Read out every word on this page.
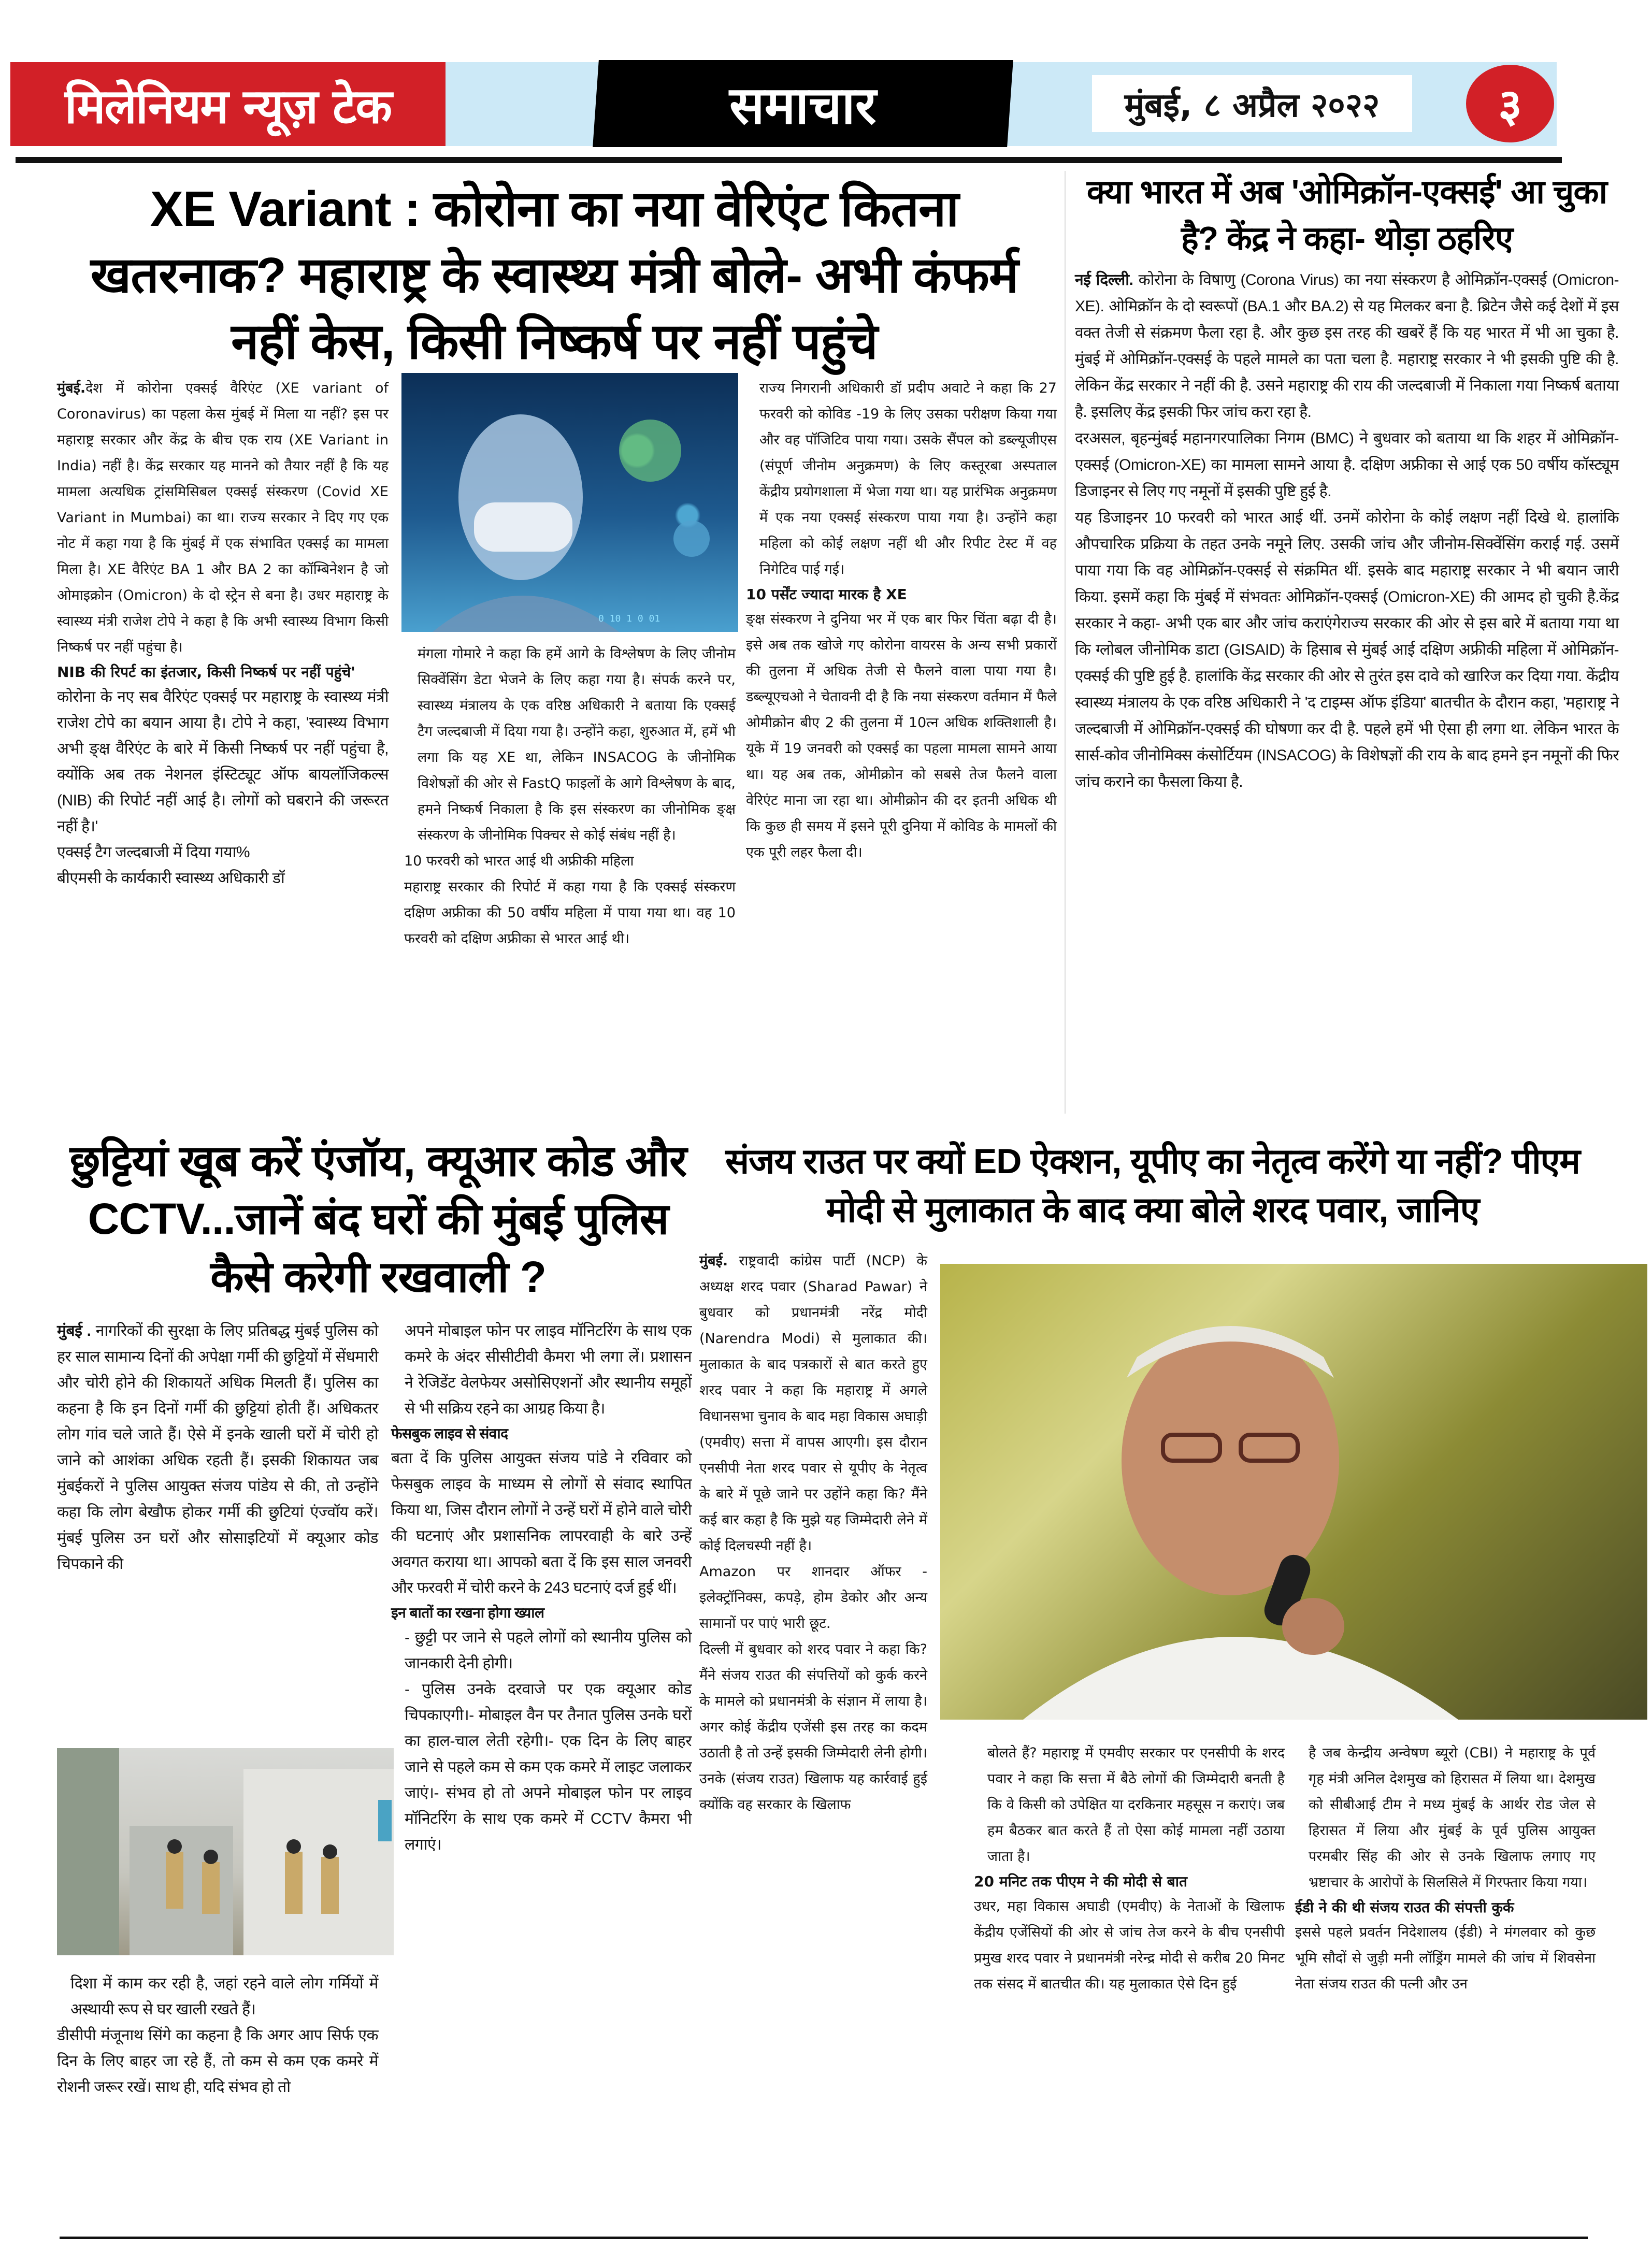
मिलेनियम न्यूज़ टेक	समाचार	मुंबई, ८ अप्रैल २०२२	३
XE Variant : कोरोना का नया वेरिएंट कितना खतरनाक? महाराष्ट्र के स्वास्थ्य मंत्री बोले- अभी कंफर्म नहीं केस, किसी निष्कर्ष पर नहीं पहुंचे
0 10 1 0 01

मुंबई.देश में कोरोना एक्सई वैरिएंट (XE variant of Coronavirus) का पहला केस मुंबई में मिला या नहीं? इस पर महाराष्ट्र सरकार और केंद्र के बीच एक राय (XE Variant in India) नहीं है। केंद्र सरकार यह मानने को तैयार नहीं है कि यह मामला अत्यधिक ट्रांसमिसिबल एक्सई संस्करण (Covid XE Variant in Mumbai) का था। राज्य सरकार ने दिए गए एक नोट में कहा गया है कि मुंबई में एक संभावित एक्सई का मामला मिला है। XE वैरिएंट BA 1 और BA 2 का कॉम्बिनेशन है जो ओमाइक्रोन (Omicron) के दो स्ट्रेन से बना है। उधर महाराष्ट्र के स्वास्थ्य मंत्री राजेश टोपे ने कहा है कि अभी स्वास्थ्य विभाग किसी निष्कर्ष पर नहीं पहुंचा है।

NIB की रिपर्ट का इंतजार, किसी निष्कर्ष पर नहीं पहुंचे'

कोरोना के नए सब वैरिएंट एक्सई पर महाराष्ट्र के स्वास्थ्य मंत्री राजेश टोपे का बयान आया है। टोपे ने कहा, 'स्वास्थ्य विभाग अभी ङ्क्ष वैरिएंट के बारे में किसी निष्कर्ष पर नहीं पहुंचा है, क्योंकि अब तक नेशनल इंस्टिट्यूट ऑफ बायलॉजिकल्स (NIB) की रिपोर्ट नहीं आई है। लोगों को घबराने की जरूरत नहीं है।'

एक्सई टैग जल्दबाजी में दिया गया%

बीएमसी के कार्यकारी स्वास्थ्य अधिकारी डॉ

मंगला गोमारे ने कहा कि हमें आगे के विश्लेषण के लिए जीनोम सिक्वेंसिंग डेटा भेजने के लिए कहा गया है। संपर्क करने पर, स्वास्थ्य मंत्रालय के एक वरिष्ठ अधिकारी ने बताया कि एक्सई टैग जल्दबाजी में दिया गया है। उन्होंने कहा, शुरुआत में, हमें भी लगा कि यह XE था, लेकिन INSACOG के जीनोमिक विशेषज्ञों की ओर से FastQ फाइलों के आगे विश्लेषण के बाद, हमने निष्कर्ष निकाला है कि इस संस्करण का जीनोमिक ङ्क्ष संस्करण के जीनोमिक पिक्चर से कोई संबंध नहीं है।

10 फरवरी को भारत आई थी अफ्रीकी महिला

महाराष्ट्र सरकार की रिपोर्ट में कहा गया है कि एक्सई संस्करण दक्षिण अफ्रीका की 50 वर्षीय महिला में पाया गया था। वह 10 फरवरी को दक्षिण अफ्रीका से भारत आई थी।

राज्य निगरानी अधिकारी डॉ प्रदीप अवाटे ने कहा कि 27 फरवरी को कोविड -19 के लिए उसका परीक्षण किया गया और वह पॉजिटिव पाया गया। उसके सैंपल को डब्ल्यूजीएस (संपूर्ण जीनोम अनुक्रमण) के लिए कस्तूरबा अस्पताल केंद्रीय प्रयोगशाला में भेजा गया था। यह प्रारंभिक अनुक्रमण में एक नया एक्सई संस्करण पाया गया है। उन्होंने कहा महिला को कोई लक्षण नहीं थी और रिपीट टेस्ट में वह निगेटिव पाई गई।

10 पर्सेंट ज्यादा मारक है XE

ङ्क्ष संस्करण ने दुनिया भर में एक बार फिर चिंता बढ़ा दी है। इसे अब तक खोजे गए कोरोना वायरस के अन्य सभी प्रकारों की तुलना में अधिक तेजी से फैलने वाला पाया गया है। डब्ल्यूएचओ ने चेतावनी दी है कि नया संस्करण वर्तमान में फैले ओमीक्रोन बीए 2 की तुलना में 10त्न अधिक शक्तिशाली है। यूके में 19 जनवरी को एक्सई का पहला मामला सामने आया था। यह अब तक, ओमीक्रोन को सबसे तेज फैलने वाला वेरिएंट माना जा रहा था। ओमीक्रोन की दर इतनी अधिक थी कि कुछ ही समय में इसने पूरी दुनिया में कोविड के मामलों की एक पूरी लहर फैला दी।

क्या भारत में अब 'ओमिक्रॉन-एक्सई' आ चुका है? केंद्र ने कहा- थोड़ा ठहरिए

नई दिल्ली. कोरोना के विषाणु (Corona Virus) का नया संस्करण है ओमिक्रॉन-एक्सई (Omicron-XE). ओमिक्रॉन के दो स्वरूपों (BA.1 और BA.2) से यह मिलकर बना है. ब्रिटेन जैसे कई देशों में इस वक्त तेजी से संक्रमण फैला रहा है. और कुछ इस तरह की खबरें हैं कि यह भारत में भी आ चुका है. मुंबई में ओमिक्रॉन-एक्सई के पहले मामले का पता चला है. महाराष्ट्र सरकार ने भी इसकी पुष्टि की है. लेकिन केंद्र सरकार ने नहीं की है. उसने महाराष्ट्र की राय की जल्दबाजी में निकाला गया निष्कर्ष बताया है. इसलिए केंद्र इसकी फिर जांच करा रहा है.

दरअसल, बृहन्मुंबई महानगरपालिका निगम (BMC) ने बुधवार को बताया था कि शहर में ओमिक्रॉन-एक्सई (Omicron-XE) का मामला सामने आया है. दक्षिण अफ्रीका से आई एक 50 वर्षीय कॉस्ट्यूम डिजाइनर से लिए गए नमूनों में इसकी पुष्टि हुई है.

यह डिजाइनर 10 फरवरी को भारत आई थीं. उनमें कोरोना के कोई लक्षण नहीं दिखे थे. हालांकि औपचारिक प्रक्रिया के तहत उनके नमूने लिए. उसकी जांच और जीनोम-सिक्वेंसिंग कराई गई. उसमें पाया गया कि वह ओमिक्रॉन-एक्सई से संक्रमित थीं. इसके बाद महाराष्ट्र सरकार ने भी बयान जारी किया. इसमें कहा कि मुंबई में संभवतः ओमिक्रॉन-एक्सई (Omicron-XE) की आमद हो चुकी है.केंद्र सरकार ने कहा- अभी एक बार और जांच कराएंगेराज्य सरकार की ओर से इस बारे में बताया गया था कि ग्लोबल जीनोमिक डाटा (GISAID) के हिसाब से मुंबई आई दक्षिण अफ्रीकी महिला में ओमिक्रॉन-एक्सई की पुष्टि हुई है. हालांकि केंद्र सरकार की ओर से तुरंत इस दावे को खारिज कर दिया गया. केंद्रीय स्वास्थ्य मंत्रालय के एक वरिष्ठ अधिकारी ने 'द टाइम्स ऑफ इंडिया' बातचीत के दौरान कहा, 'महाराष्ट्र ने जल्दबाजी में ओमिक्रॉन-एक्सई की घोषणा कर दी है. पहले हमें भी ऐसा ही लगा था. लेकिन भारत के सार्स-कोव जीनोमिक्स कंसोर्टियम (INSACOG) के विशेषज्ञों की राय के बाद हमने इन नमूनों की फिर जांच कराने का फैसला किया है.

छुट्टियां खूब करें एंजॉय, क्यूआर कोड और CCTV...जानें बंद घरों की मुंबई पुलिस कैसे करेगी रखवाली ?

मुंबई . नागरिकों की सुरक्षा के लिए प्रतिबद्ध मुंबई पुलिस को हर साल सामान्य दिनों की अपेक्षा गर्मी की छुट्टियों में सेंधमारी और चोरी होने की शिकायतें अधिक मिलती हैं। पुलिस का कहना है कि इन दिनों गर्मी की छुट्टियां होती हैं। अधिकतर लोग गांव चले जाते हैं। ऐसे में इनके खाली घरों में चोरी हो जाने को आशंका अधिक रहती हैं। इसकी शिकायत जब मुंबईकरों ने पुलिस आयुक्त संजय पांडेय से की, तो उन्होंने कहा कि लोग बेखौफ होकर गर्मी की छुटियां एंज्वॉय करें। मुंबई पुलिस उन घरों और सोसाइटियों में क्यूआर कोड चिपकाने की

दिशा में काम कर रही है, जहां रहने वाले लोग गर्मियों में अस्थायी रूप से घर खाली रखते हैं।

डीसीपी मंजूनाथ सिंगे का कहना है कि अगर आप सिर्फ एक दिन के लिए बाहर जा रहे हैं, तो कम से कम एक कमरे में रोशनी जरूर रखें। साथ ही, यदि संभव हो तो

अपने मोबाइल फोन पर लाइव मॉनिटरिंग के साथ एक कमरे के अंदर सीसीटीवी कैमरा भी लगा लें। प्रशासन ने रेजिडेंट वेलफेयर असोसिएशनों और स्थानीय समूहों से भी सक्रिय रहने का आग्रह किया है।

फेसबुक लाइव से संवाद

बता दें कि पुलिस आयुक्त संजय पांडे ने रविवार को फेसबुक लाइव के माध्यम से लोगों से संवाद स्थापित किया था, जिस दौरान लोगों ने उन्हें घरों में होने वाले चोरी की घटनाएं और प्रशासनिक लापरवाही के बारे उन्हें अवगत कराया था। आपको बता दें कि इस साल जनवरी और फरवरी में चोरी करने के 243 घटनाएं दर्ज हुई थीं।

इन बातों का रखना होगा ख्याल

- छुट्टी पर जाने से पहले लोगों को स्थानीय पुलिस को जानकारी देनी होगी।

- पुलिस उनके दरवाजे पर एक क्यूआर कोड चिपकाएगी।- मोबाइल वैन पर तैनात पुलिस उनके घरों का हाल-चाल लेती रहेगी।- एक दिन के लिए बाहर जाने से पहले कम से कम एक कमरे में लाइट जलाकर जाएं।- संभव हो तो अपने मोबाइल फोन पर लाइव मॉनिटरिंग के साथ एक कमरे में CCTV कैमरा भी लगाएं।

संजय राउत पर क्यों ED ऐक्शन, यूपीए का नेतृत्व करेंगे या नहीं? पीएम मोदी से मुलाकात के बाद क्या बोले शरद पवार, जानिए

मुंबई. राष्ट्रवादी कांग्रेस पार्टी (NCP) के अध्यक्ष शरद पवार (Sharad Pawar) ने बुधवार को प्रधानमंत्री नरेंद्र मोदी (Narendra Modi) से मुलाकात की। मुलाकात के बाद पत्रकारों से बात करते हुए शरद पवार ने कहा कि महाराष्ट्र में अगले विधानसभा चुनाव के बाद महा विकास अघाड़ी (एमवीए) सत्ता में वापस आएगी। इस दौरान एनसीपी नेता शरद पवार से यूपीए के नेतृत्व के बारे में पूछे जाने पर उहोंने कहा कि? मैंने कई बार कहा है कि मुझे यह जिम्मेदारी लेने में कोई दिलचस्पी नहीं है।

Amazon पर शानदार ऑफर - इलेक्ट्रॉनिक्स, कपड़े, होम डेकोर और अन्य सामानों पर पाएं भारी छूट.

दिल्ली में बुधवार को शरद पवार ने कहा कि? मैंने संजय राउत की संपत्तियों को कुर्क करने के मामले को प्रधानमंत्री के संज्ञान में लाया है। अगर कोई केंद्रीय एजेंसी इस तरह का कदम उठाती है तो उन्हें इसकी जिम्मेदारी लेनी होगी। उनके (संजय राउत) खिलाफ यह कार्रवाई हुई क्योंकि वह सरकार के खिलाफ

बोलते हैं? महाराष्ट्र में एमवीए सरकार पर एनसीपी के शरद पवार ने कहा कि सत्ता में बैठे लोगों की जिम्मेदारी बनती है कि वे किसी को उपेक्षित या दरकिनार महसूस न कराएं। जब हम बैठकर बात करते हैं तो ऐसा कोई मामला नहीं उठाया जाता है।

20 मनिट तक पीएम ने की मोदी से बात

उधर, महा विकास अघाडी (एमवीए) के नेताओं के खिलाफ केंद्रीय एजेंसियों की ओर से जांच तेज करने के बीच एनसीपी प्रमुख शरद पवार ने प्रधानमंत्री नरेन्द्र मोदी से करीब 20 मिनट तक संसद में बातचीत की। यह मुलाकात ऐसे दिन हुई

है जब केन्द्रीय अन्वेषण ब्यूरो (CBI) ने महाराष्ट्र के पूर्व गृह मंत्री अनिल देशमुख को हिरासत में लिया था। देशमुख को सीबीआई टीम ने मध्य मुंबई के आर्थर रोड जेल से हिरासत में लिया और मुंबई के पूर्व पुलिस आयुक्त परमबीर सिंह की ओर से उनके खिलाफ लगाए गए भ्रष्टाचार के आरोपों के सिलसिले में गिरफ्तार किया गया।

ईडी ने की थी संजय राउत की संपत्ती कुर्क

इससे पहले प्रवर्तन निदेशालय (ईडी) ने मंगलवार को कुछ भूमि सौदों से जुड़ी मनी लॉड्रिंग मामले की जांच में शिवसेना नेता संजय राउत की पत्नी और उन
